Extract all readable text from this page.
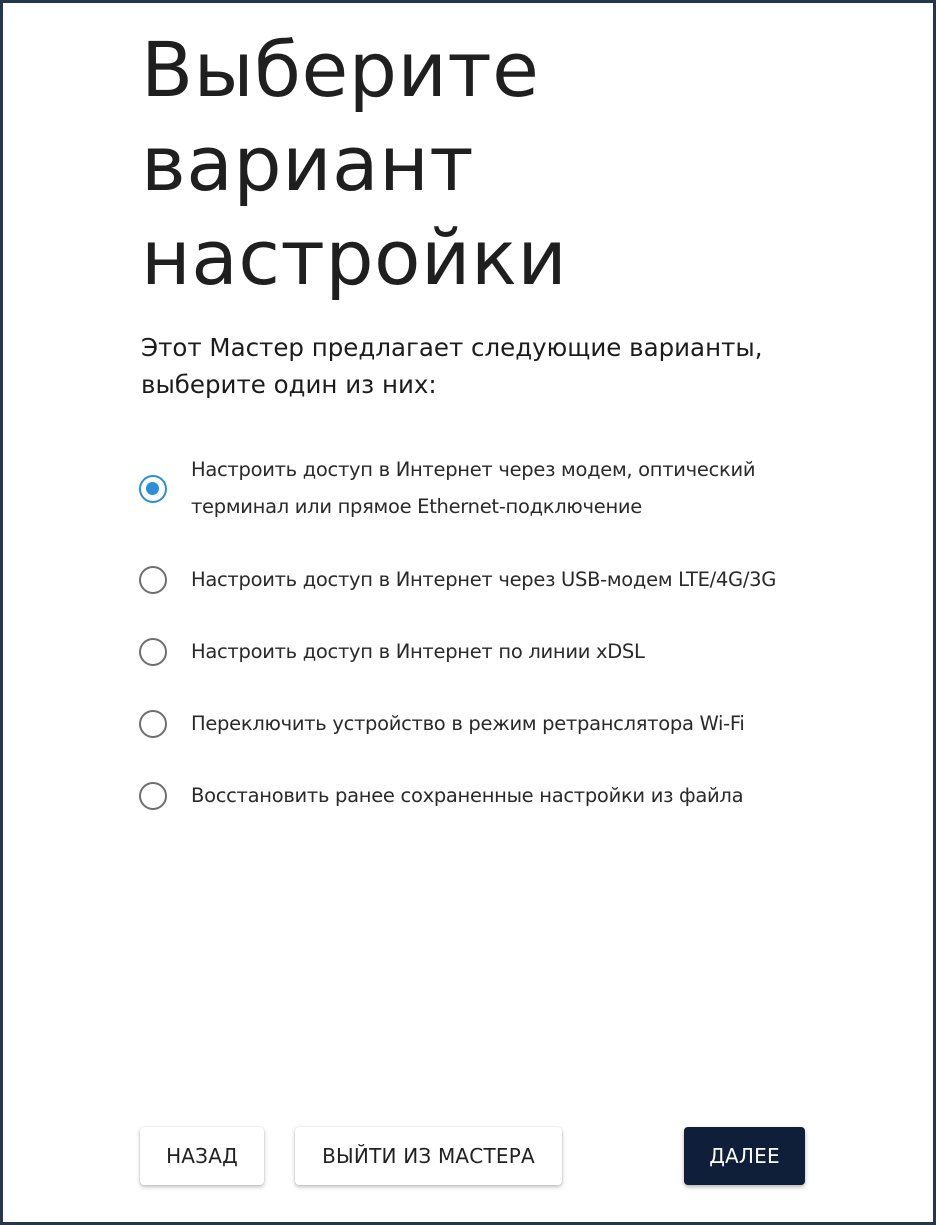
Выберите
вариант
настройки

Этот Мастер предлагает следующие варианты,
выберите один из них:

Настроить доступ в Интернет через модем, оптический
терминал или прямое Ethernet-подключение
Настроить доступ в Интернет через USB-модем LTE/4G/3G
Настроить доступ в Интернет по линии xDSL
Переключить устройство в режим ретранслятора Wi-Fi
Восстановить ранее сохраненные настройки из файла
НАЗАД	ВЫЙТИ ИЗ МАСТЕРА	ДАЛЕЕ
